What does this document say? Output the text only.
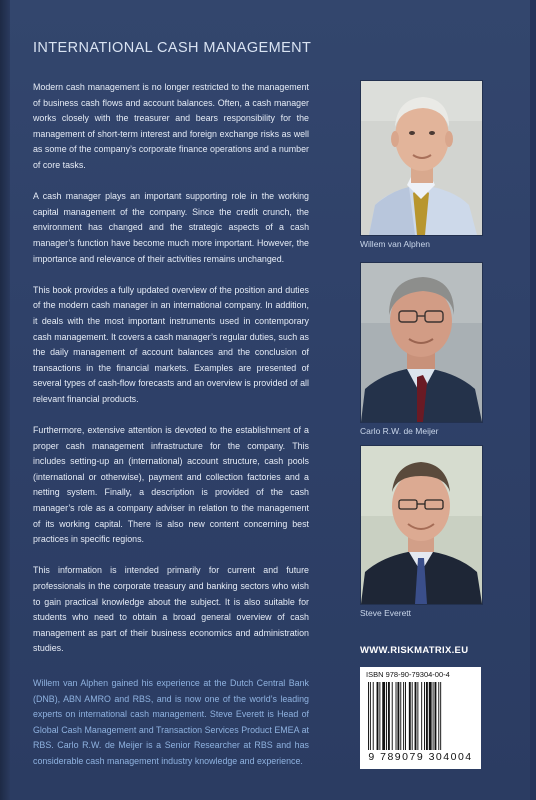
INTERNATIONAL CASH MANAGEMENT

Modern cash management is no longer restricted to the management of business cash flows and account balances. Often, a cash manager works closely with the treasurer and bears responsibility for the management of short-term interest and foreign exchange risks as well as some of the company’s corporate finance operations and a number of core tasks.

A cash manager plays an important supporting role in the working capital management of the company. Since the credit crunch, the environment has changed and the strategic aspects of a cash manager’s function have become much more important. However, the importance and relevance of their activities remains unchanged.

This book provides a fully updated overview of the position and duties of the modern cash manager in an international company. In addition, it deals with the most important instruments used in contemporary cash management. It covers a cash manager’s regular duties, such as the daily management of account balances and the conclusion of transactions in the financial markets. Examples are presented of several types of cash-flow forecasts and an overview is provided of all relevant financial products.

Furthermore, extensive attention is devoted to the establishment of a proper cash management infrastructure for the company. This includes setting-up an (international) account structure, cash pools (international or otherwise), payment and collection factories and a netting system. Finally, a description is provided of the cash manager’s role as a company adviser in relation to the management of its working capital. There is also new content concerning best practices in specific regions.

This information is intended primarily for current and future professionals in the corporate treasury and banking sectors who wish to gain practical knowledge about the subject. It is also suitable for students who need to obtain a broad general overview of cash management as part of their business economics and administration studies.

Willem van Alphen gained his experience at the Dutch Central Bank (DNB), ABN AMRO and RBS, and is now one of the world’s leading experts on international cash management. Steve Everett is Head of Global Cash Management and Transaction Services Product EMEA at RBS. Carlo R.W. de Meijer is a Senior Researcher at RBS and has considerable cash management industry knowledge and experience.

Willem van Alphen
Carlo R.W. de Meijer
Steve Everett
WWW.RISKMATRIX.EU
ISBN 978-90-79304-00-4
9 789079 304004
